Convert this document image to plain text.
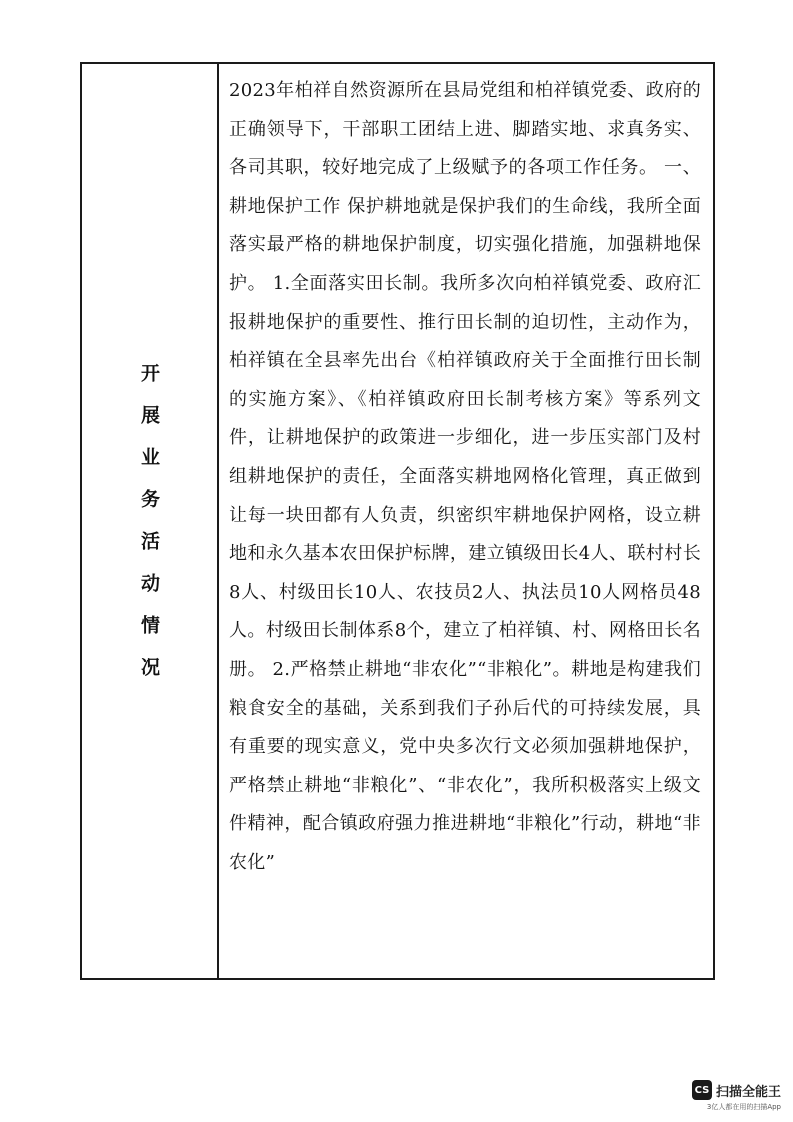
开展业务活动情况

2023年柏祥自然资源所在县局党组和柏祥镇党委、政府的正确领导下，干部职工团结上进、脚踏实地、求真务实、各司其职，较好地完成了上级赋予的各项工作任务。 一、耕地保护工作 保护耕地就是保护我们的生命线，我所全面落实最严格的耕地保护制度，切实强化措施，加强耕地保护。 1.全面落实田长制。我所多次向柏祥镇党委、政府汇报耕地保护的重要性、推行田长制的迫切性，主动作为，柏祥镇在全县率先出台《柏祥镇政府关于全面推行田长制的实施方案》、《柏祥镇政府田长制考核方案》等系列文件，让耕地保护的政策进一步细化，进一步压实部门及村组耕地保护的责任，全面落实耕地网格化管理，真正做到让每一块田都有人负责，织密织牢耕地保护网格，设立耕地和永久基本农田保护标牌，建立镇级田长4人、联村村长8人、村级田长10人、农技员2人、执法员10人网格员48人。村级田长制体系8个，建立了柏祥镇、村、网格田长名册。 2.严格禁止耕地“非农化”“非粮化”。耕地是构建我们粮食安全的基础，关系到我们子孙后代的可持续发展，具有重要的现实意义，党中央多次行文必须加强耕地保护，严格禁止耕地“非粮化”、“非农化”，我所积极落实上级文件精神，配合镇政府强力推进耕地“非粮化”行动，耕地“非农化”

CS 扫描全能王
3亿人都在用的扫描App
